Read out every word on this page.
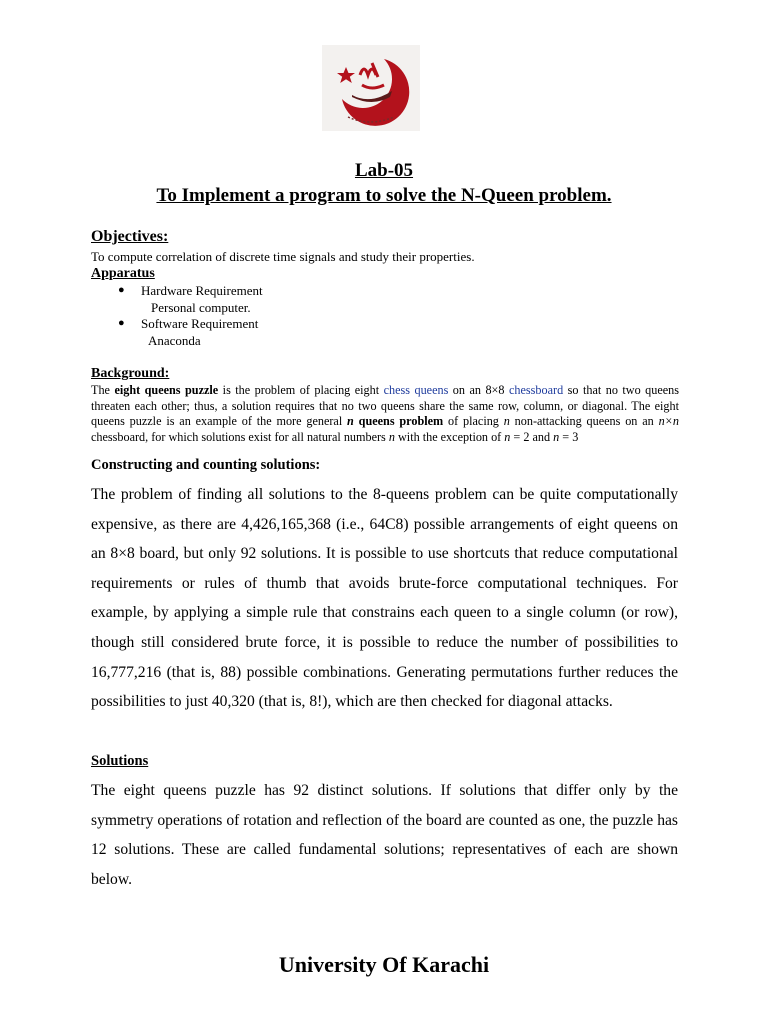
Lab-05
To Implement a program to solve the N-Queen problem.
Objectives:
To compute correlation of discrete time signals and study their properties.
Apparatus
● Hardware Requirement
Personal computer.
● Software Requirement
Anaconda
Background:
The eight queens puzzle is the problem of placing eight chess queens on an 8×8 chessboard so that no two queens threaten each other; thus, a solution requires that no two queens share the same row, column, or diagonal. The eight queens puzzle is an example of the more general n queens problem of placing n non-attacking queens on an n×n chessboard, for which solutions exist for all natural numbers n with the exception of n = 2 and n = 3
Constructing and counting solutions:
The problem of finding all solutions to the 8-queens problem can be quite computationally expensive, as there are 4,426,165,368 (i.e., 64C8) possible arrangements of eight queens on an 8×8 board, but only 92 solutions. It is possible to use shortcuts that reduce computational requirements or rules of thumb that avoids brute-force computational techniques. For example, by applying a simple rule that constrains each queen to a single column (or row), though still considered brute force, it is possible to reduce the number of possibilities to 16,777,216 (that is, 88) possible combinations. Generating permutations further reduces the possibilities to just 40,320 (that is, 8!), which are then checked for diagonal attacks.
Solutions
The eight queens puzzle has 92 distinct solutions. If solutions that differ only by the symmetry operations of rotation and reflection of the board are counted as one, the puzzle has 12 solutions. These are called fundamental solutions; representatives of each are shown below.
University Of Karachi
